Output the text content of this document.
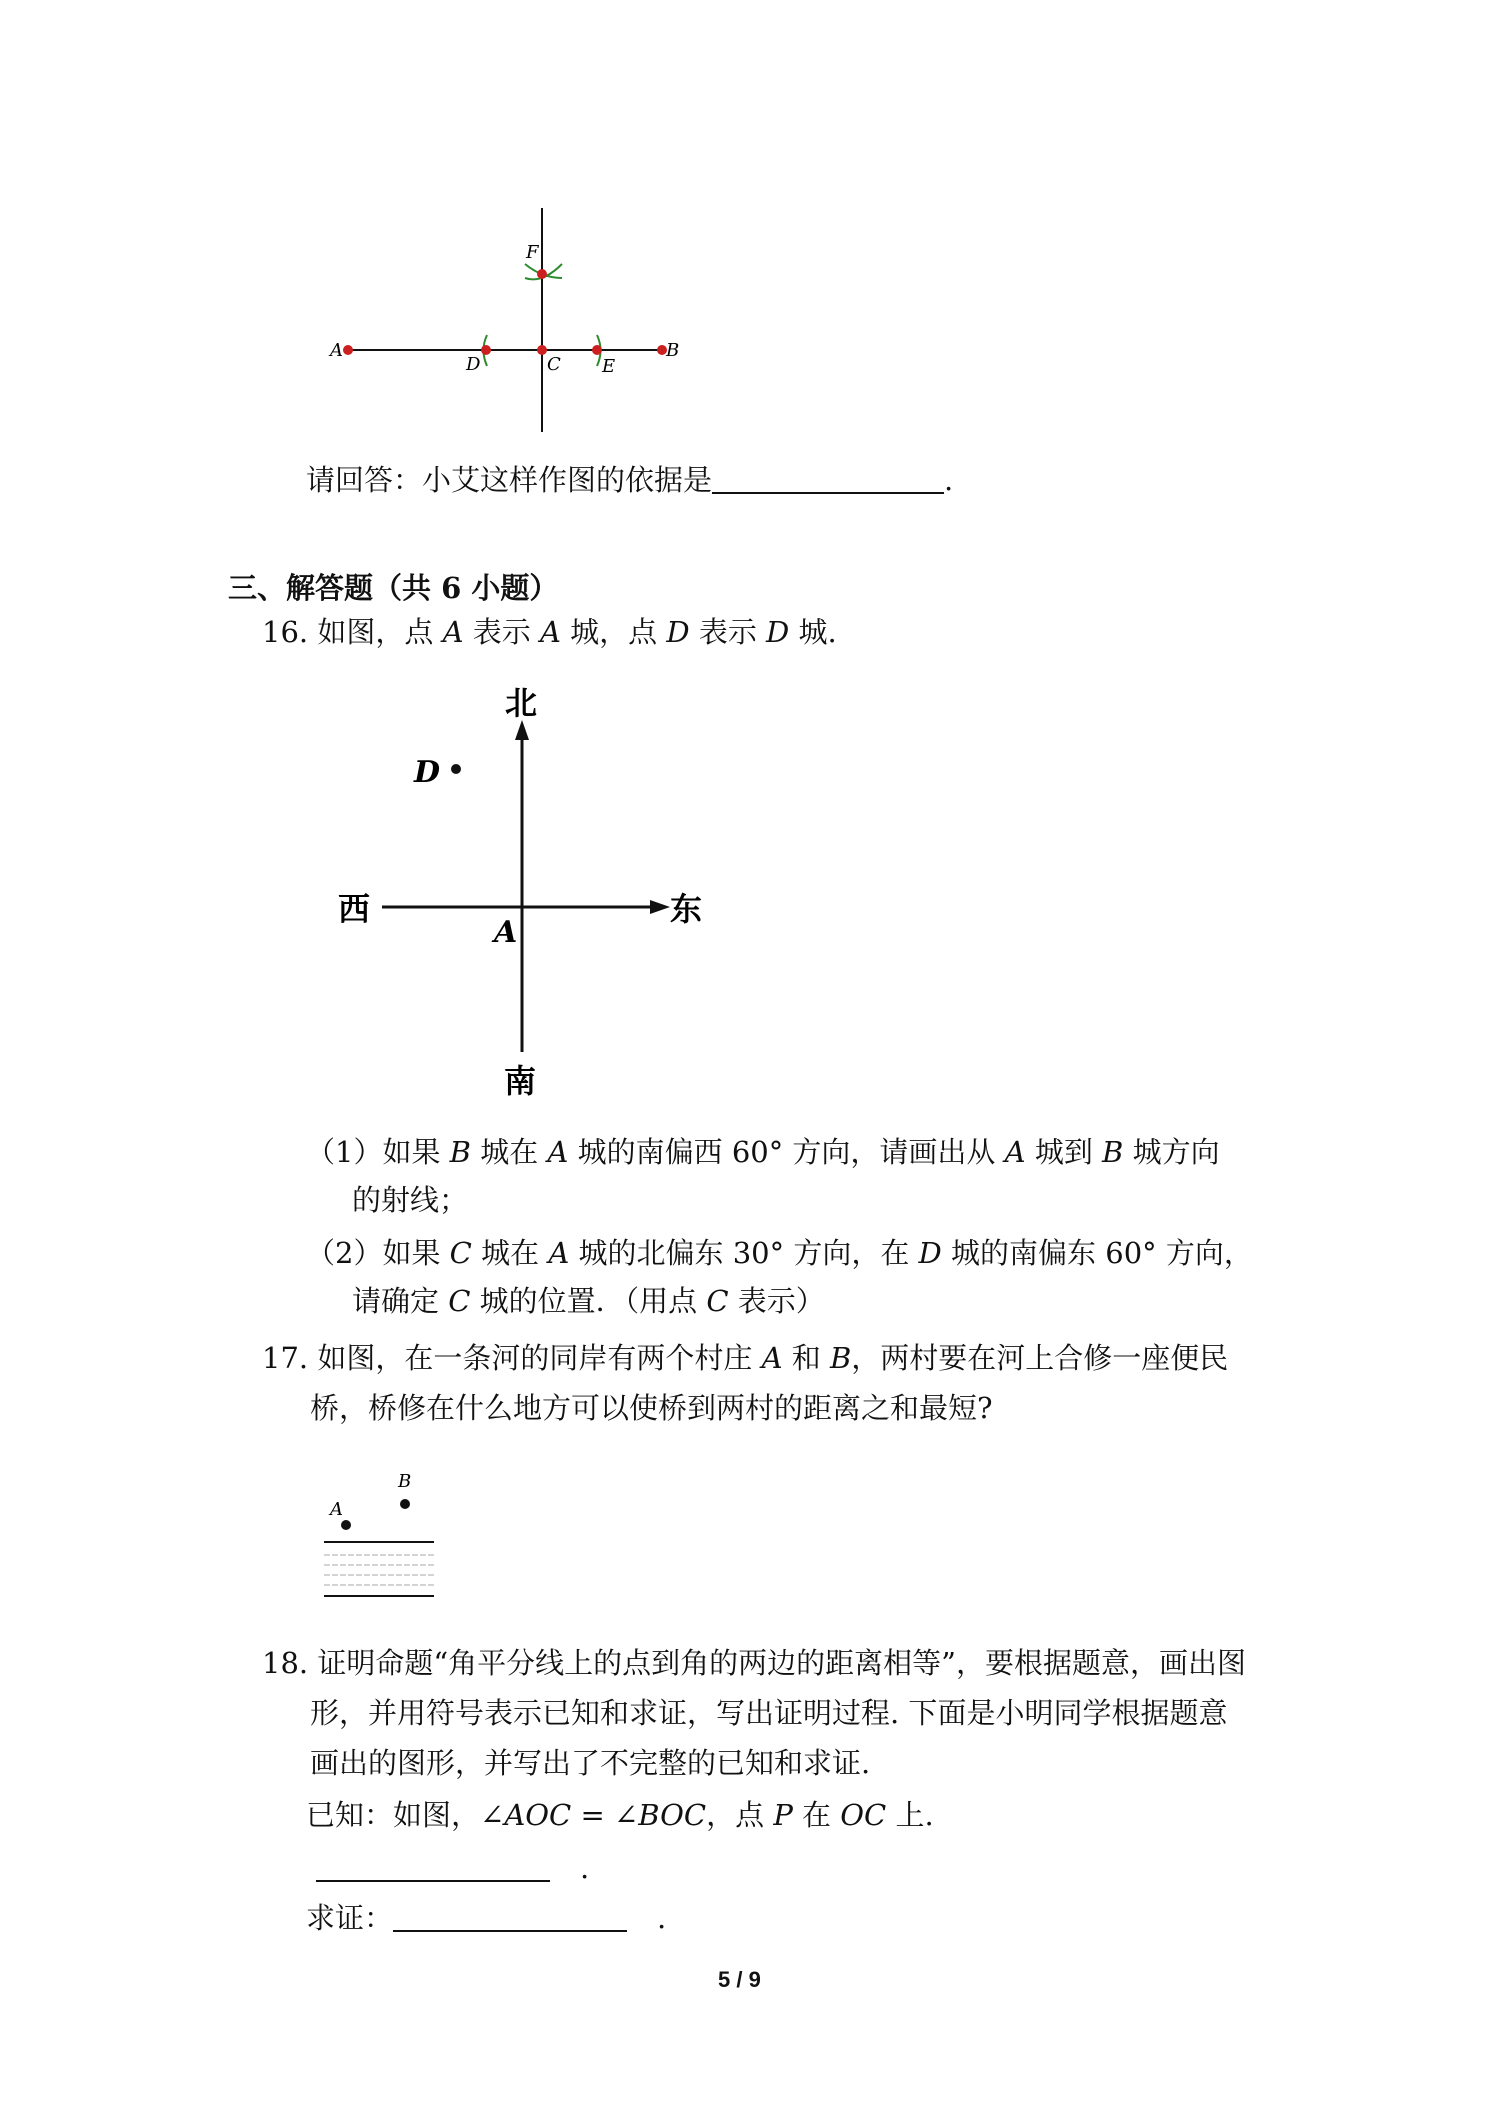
A
D	C E
B
F
请回答：小艾这样作图的依据是	.
三、解答题（共 6 小题）
16. 如图，点 A 表示 A 城，点 D 表示 D 城.
北
南
西	东
A
D
（1）如果 B 城在 A 城的南偏西 60° 方向，请画出从 A 城到 B 城方向
的射线；
（2）如果 C 城在 A 城的北偏东 30° 方向，在 D 城的南偏东 60° 方向，
请确定 C 城的位置．（用点 C 表示）
17. 如图，在一条河的同岸有两个村庄 A 和 B，两村要在河上合修一座便民
桥，桥修在什么地方可以使桥到两村的距离之和最短?
A
B
18. 证明命题“角平分线上的点到角的两边的距离相等”，要根据题意，画出图
形，并用符号表示已知和求证，写出证明过程. 下面是小明同学根据题意
画出的图形，并写出了不完整的已知和求证.
已知：如图，∠AOC = ∠BOC，点 P 在 OC 上.
.
求证：	.
5 / 9
